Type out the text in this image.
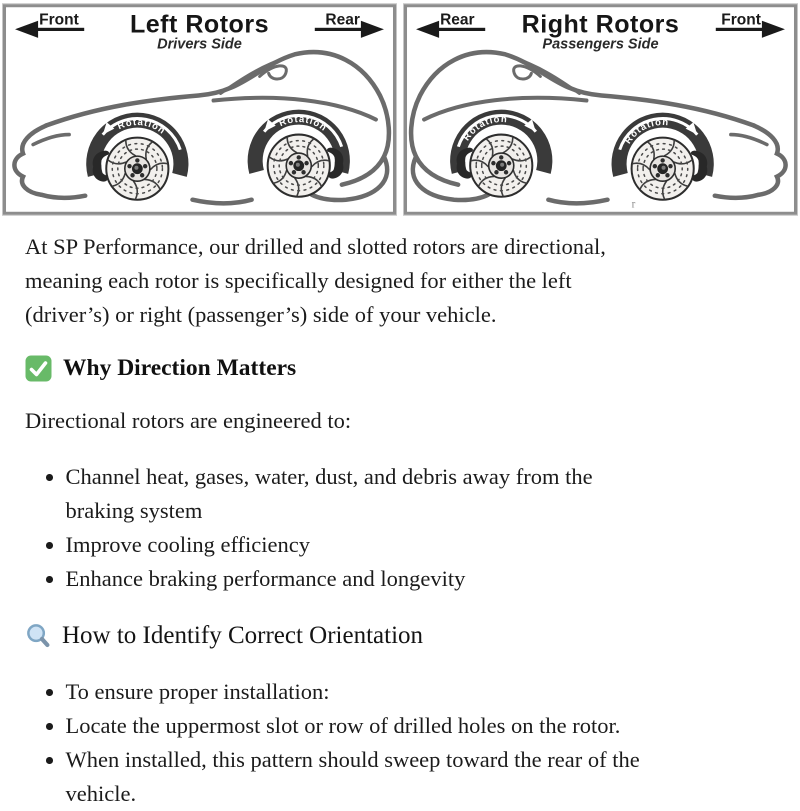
Front	Rear
Left Rotors
Drivers Side
Rotation
Rotation
Rear	Front
Right Rotors
Passengers Side
Rotation
Rotation
r

At SP Performance, our drilled and slotted rotors are directional,
meaning each rotor is specifically designed for either the left
(driver’s) or right (passenger’s) side of your vehicle.

Why Direction Matters

Directional rotors are engineered to:

Channel heat, gases, water, dust, and debris away from the
braking system
Improve cooling efficiency
Enhance braking performance and longevity
How to Identify Correct Orientation
To ensure proper installation:
Locate the uppermost slot or row of drilled holes on the rotor.
When installed, this pattern should sweep toward the rear of the
vehicle.
